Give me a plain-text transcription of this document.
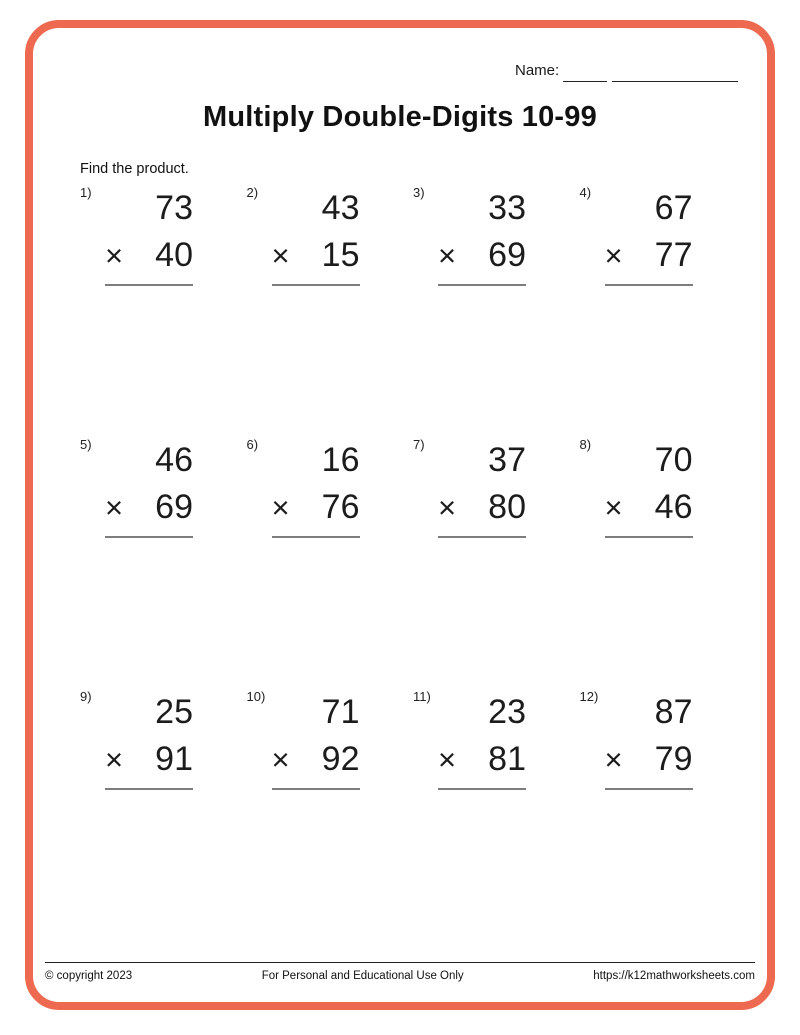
Name:
Multiply Double-Digits 10-99
Find the product.
1)	73
× 40
2)	43
× 15
3)	33
× 69
4)	67
× 77
5)	46
× 69
6)	16
× 76
7)	37
× 80
8)	70
× 46
9)	25
× 91
10)	71
× 92
11)	23
× 81
12)	87
× 79
© copyright 2023	For Personal and Educational Use Only	https://k12mathworksheets.com
